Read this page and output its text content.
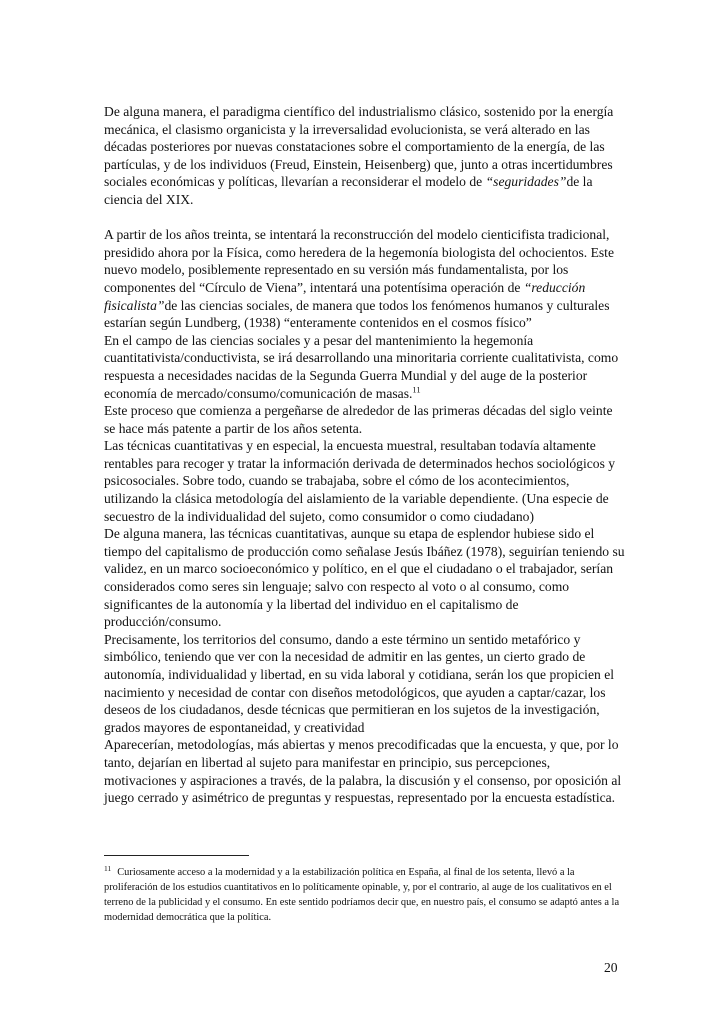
De alguna manera, el paradigma científico del industrialismo clásico, sostenido por la energía mecánica, el clasismo organicista y la irreversalidad evolucionista, se verá alterado en las décadas posteriores por nuevas constataciones sobre el comportamiento de la energía, de las partículas, y de los individuos (Freud, Einstein, Heisenberg) que, junto a otras incertidumbres sociales económicas y políticas, llevarían a reconsiderar el modelo de “seguridades”de la ciencia del XIX.

A partir de los años treinta, se intentará la reconstrucción del modelo cienticifista tradicional, presidido ahora por la Física, como heredera de la hegemonía biologista del ochocientos. Este nuevo modelo, posiblemente representado en su versión más fundamentalista, por los componentes del “Círculo de Viena”, intentará una potentísima operación de “reducción fisicalista”de las ciencias sociales, de manera que todos los fenómenos humanos y culturales estarían según Lundberg, (1938) “enteramente contenidos en el cosmos físico”

En el campo de las ciencias sociales y a pesar del mantenimiento la hegemonía cuantitativista/conductivista, se irá desarrollando una minoritaria corriente cualitativista, como respuesta a necesidades nacidas de la Segunda Guerra Mundial y del auge de la posterior economía de mercado/consumo/comunicación de masas.$^{11}$

Este proceso que comienza a pergeñarse de alrededor de las primeras décadas del siglo veinte se hace más patente a partir de los años setenta.

Las técnicas cuantitativas y en especial, la encuesta muestral, resultaban todavía altamente rentables para recoger y tratar la información derivada de determinados hechos sociológicos y psicosociales. Sobre todo, cuando se trabajaba, sobre el cómo de los acontecimientos, utilizando la clásica metodología del aislamiento de la variable dependiente. (Una especie de secuestro de la individualidad del sujeto, como consumidor o como ciudadano)

De alguna manera, las técnicas cuantitativas, aunque su etapa de esplendor hubiese sido el tiempo del capitalismo de producción como señalase Jesús Ibáñez (1978), seguirían teniendo su validez, en un marco socioeconómico y político, en el que el ciudadano o el trabajador, serían considerados como seres sin lenguaje; salvo con respecto al voto o al consumo, como significantes de la autonomía y la libertad del individuo en el capitalismo de producción/consumo.

Precisamente, los territorios del consumo, dando a este término un sentido metafórico y simbólico, teniendo que ver con la necesidad de admitir en las gentes, un cierto grado de autonomía, individualidad y libertad, en su vida laboral y cotidiana, serán los que propicien el nacimiento y necesidad de contar con diseños metodológicos, que ayuden a captar/cazar, los deseos de los ciudadanos, desde técnicas que permitieran en los sujetos de la investigación, grados mayores de espontaneidad, y creatividad

Aparecerían, metodologías, más abiertas y menos precodificadas que la encuesta, y que, por lo tanto, dejarían en libertad al sujeto para manifestar en principio, sus percepciones, motivaciones y aspiraciones a través, de la palabra, la discusión y el consenso, por oposición al juego cerrado y asimétrico de preguntas y respuestas, representado por la encuesta estadística.

$^{11}$ Curiosamente acceso a la modernidad y a la estabilización política en España, al final de los setenta, llevó a la proliferación de los estudios cuantitativos en lo políticamente opinable, y, por el contrario, al auge de los cualitativos en el terreno de la publicidad y el consumo. En este sentido podríamos decir que, en nuestro país, el consumo se adaptó antes a la modernidad democrática que la política.
20
